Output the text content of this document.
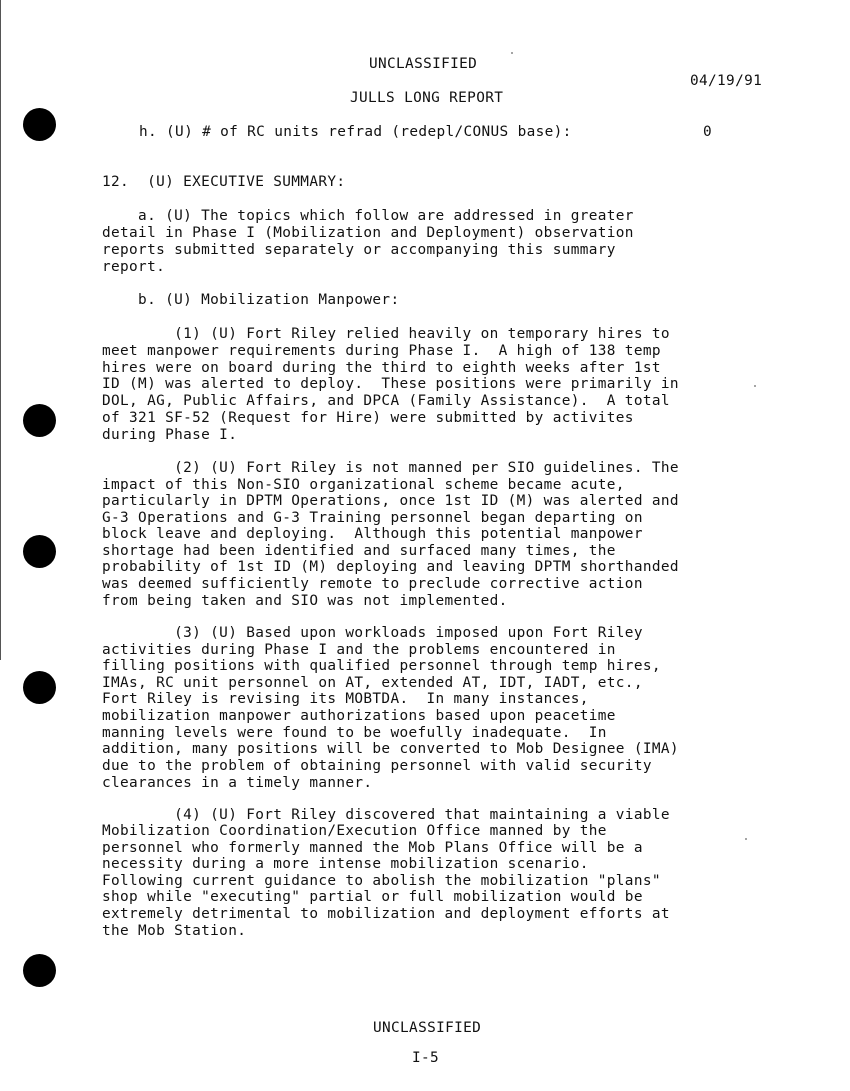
UNCLASSIFIED
04/19/91
JULLS LONG REPORT
h. (U) # of RC units refrad (redepl/CONUS base):	0
12.  (U) EXECUTIVE SUMMARY:
a. (U) The topics which follow are addressed in greater
detail in Phase I (Mobilization and Deployment) observation
reports submitted separately or accompanying this summary
report.
b. (U) Mobilization Manpower:
(1) (U) Fort Riley relied heavily on temporary hires to
meet manpower requirements during Phase I.  A high of 138 temp
hires were on board during the third to eighth weeks after 1st
ID (M) was alerted to deploy.  These positions were primarily in
DOL, AG, Public Affairs, and DPCA (Family Assistance).  A total
of 321 SF-52 (Request for Hire) were submitted by activites
during Phase I.
(2) (U) Fort Riley is not manned per SIO guidelines. The
impact of this Non-SIO organizational scheme became acute,
particularly in DPTM Operations, once 1st ID (M) was alerted and
G-3 Operations and G-3 Training personnel began departing on
block leave and deploying.  Although this potential manpower
shortage had been identified and surfaced many times, the
probability of 1st ID (M) deploying and leaving DPTM shorthanded
was deemed sufficiently remote to preclude corrective action
from being taken and SIO was not implemented.
(3) (U) Based upon workloads imposed upon Fort Riley
activities during Phase I and the problems encountered in
filling positions with qualified personnel through temp hires,
IMAs, RC unit personnel on AT, extended AT, IDT, IADT, etc.,
Fort Riley is revising its MOBTDA.  In many instances,
mobilization manpower authorizations based upon peacetime
manning levels were found to be woefully inadequate.  In
addition, many positions will be converted to Mob Designee (IMA)
due to the problem of obtaining personnel with valid security
clearances in a timely manner.
(4) (U) Fort Riley discovered that maintaining a viable
Mobilization Coordination/Execution Office manned by the
personnel who formerly manned the Mob Plans Office will be a
necessity during a more intense mobilization scenario.
Following current guidance to abolish the mobilization "plans"
shop while "executing" partial or full mobilization would be
extremely detrimental to mobilization and deployment efforts at
the Mob Station.
UNCLASSIFIED
I-5
